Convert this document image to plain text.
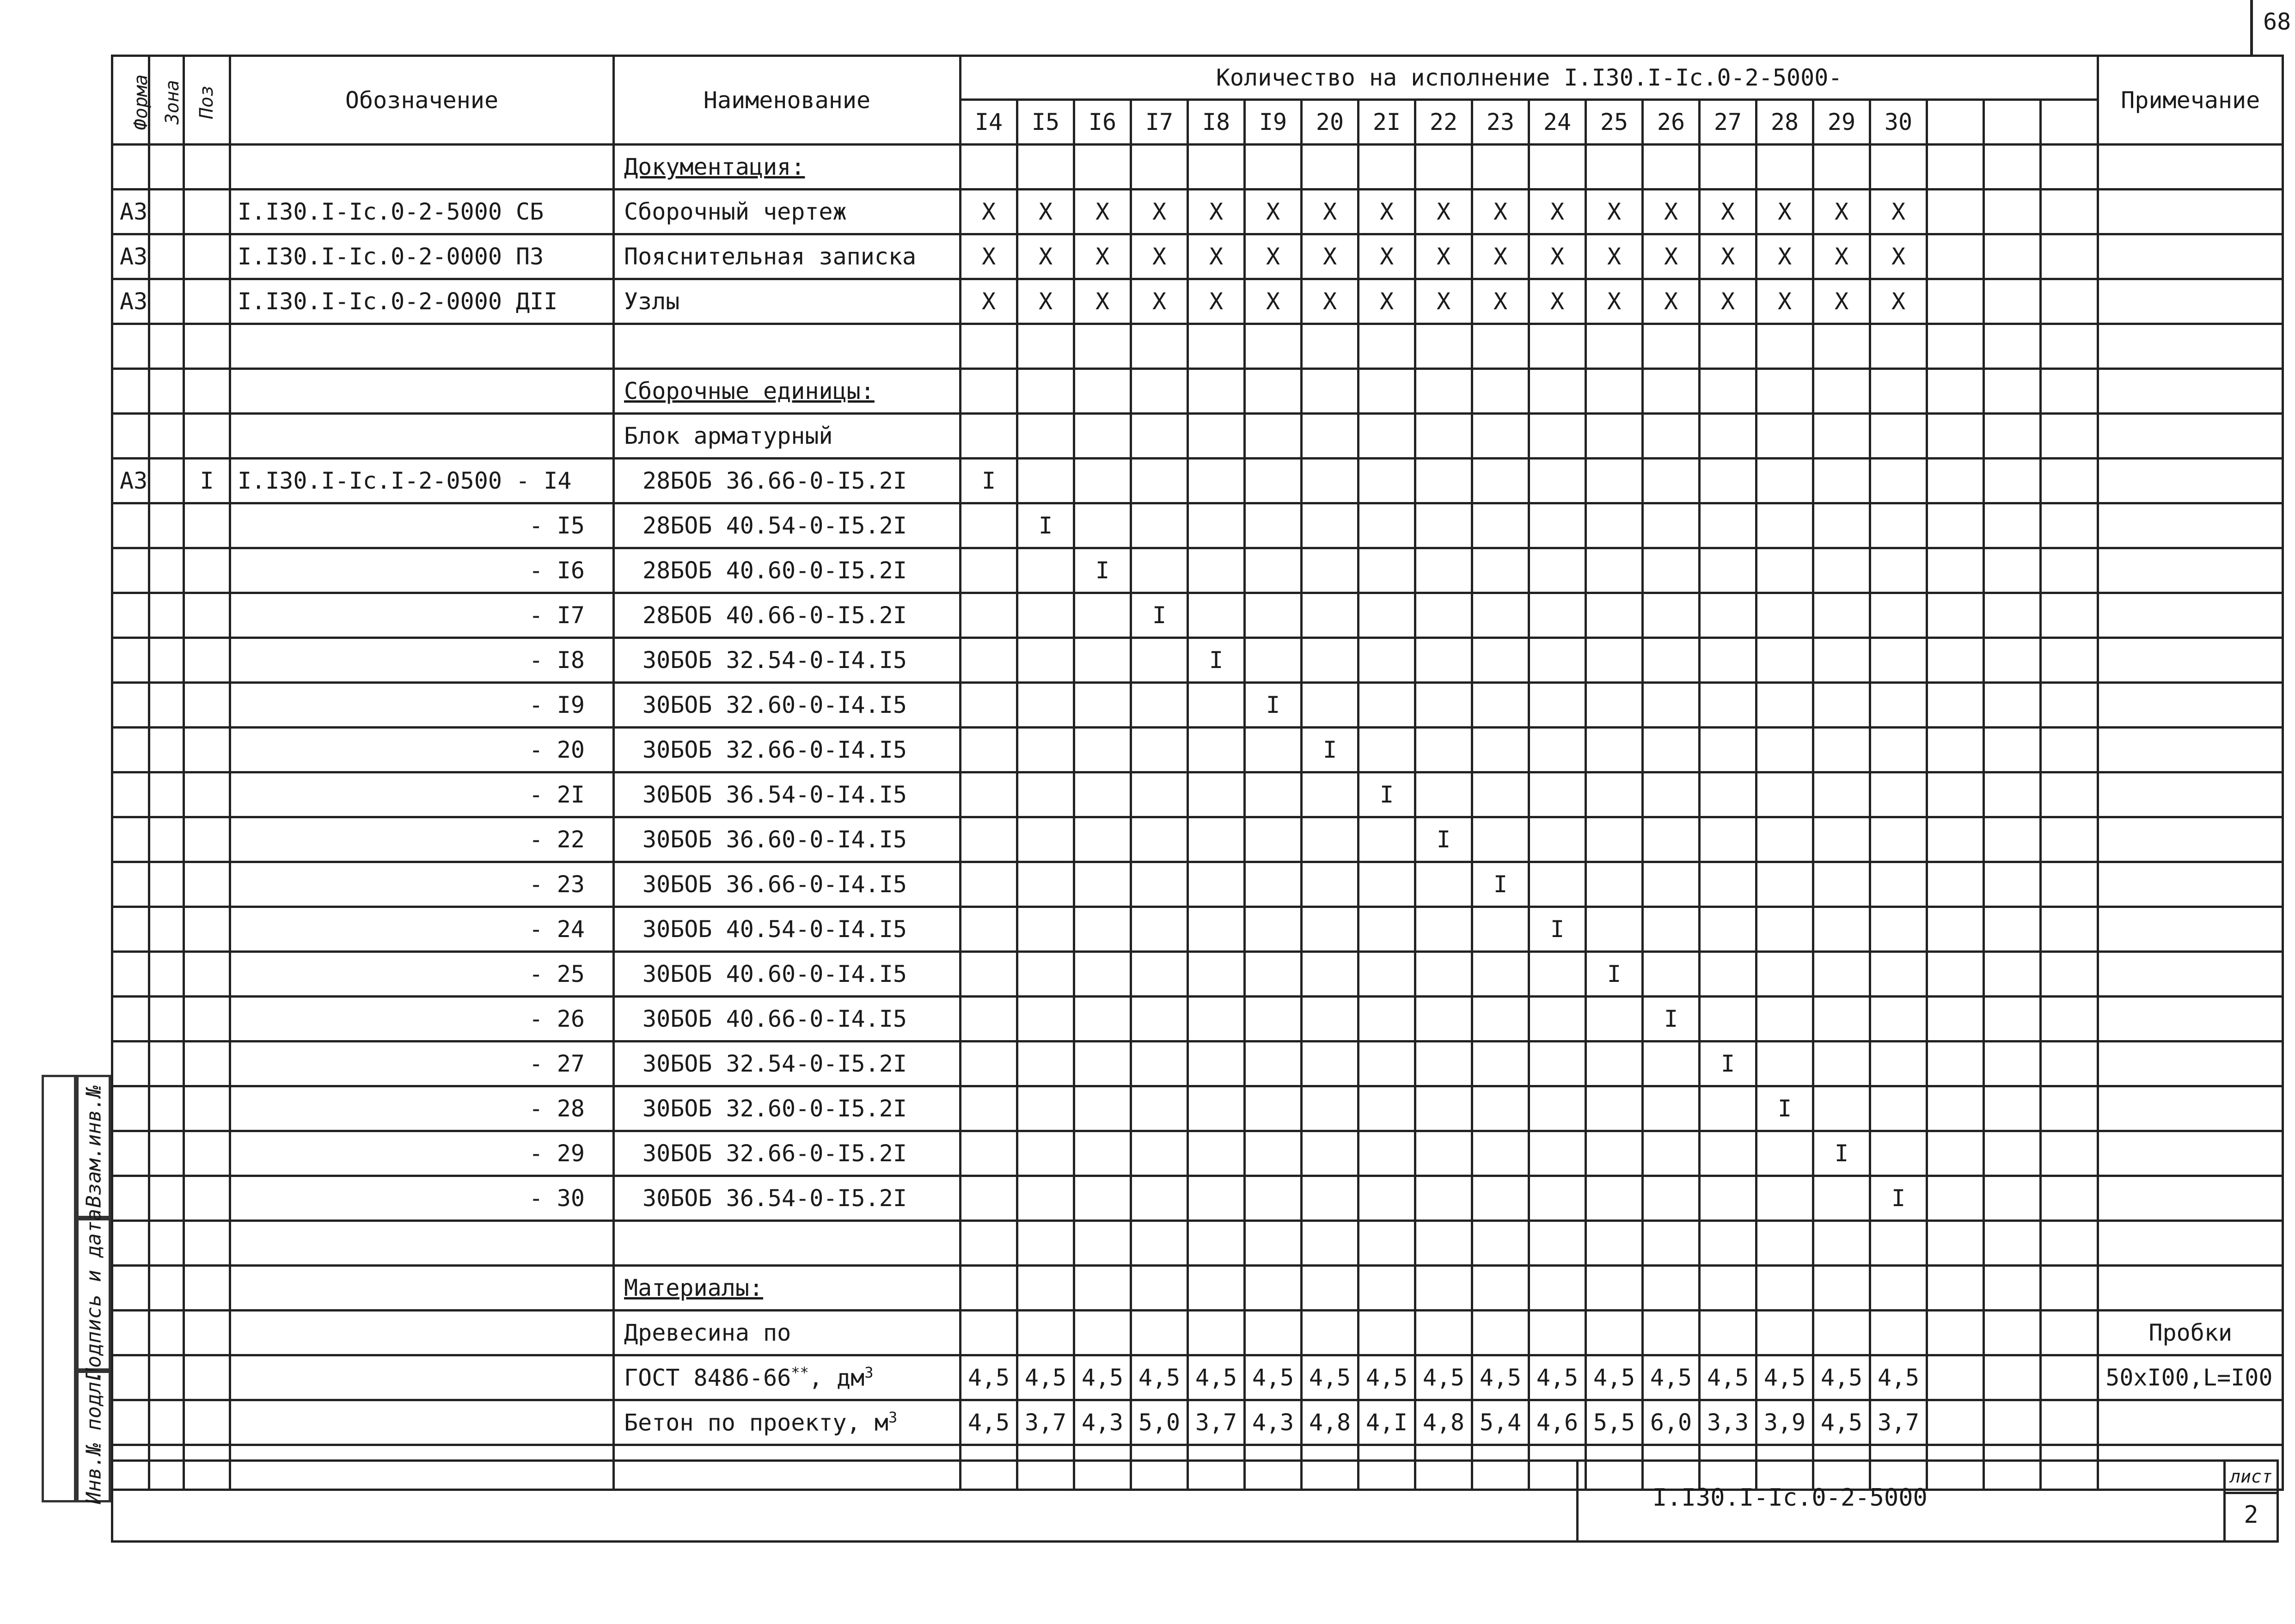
68
Взам.инв.№
Подпись и дата
Инв.№ подл.
Форма	Зона	Поз	Обозначение	Наименование	Количество на исполнение I.I30.I-Ic.0-2-5000-																				Примечание
					I4	I5	I6	I7	I8	I9	20	2I	22	23	24	25	26	27	28	29	30				
				Документация:																					
А3			I.I30.I-Ic.0-2-5000 СБ	Сборочный чертеж	Х	Х	Х	Х	Х	Х	Х	Х	Х	Х	Х	Х	Х	Х	Х	Х	Х				
А3			I.I30.I-Ic.0-2-0000 ПЗ	Пояснительная записка	Х	Х	Х	Х	Х	Х	Х	Х	Х	Х	Х	Х	Х	Х	Х	Х	Х				
А3			I.I30.I-Ic.0-2-0000 ДII	Узлы	Х	Х	Х	Х	Х	Х	Х	Х	Х	Х	Х	Х	Х	Х	Х	Х	Х				

				Сборочные единицы:																					
				Блок арматурный																					
А3		I	I.I30.I-Ic.I-2-0500 - I4	28БОБ 36.66-0-I5.2I	I																				
			- I5	28БОБ 40.54-0-I5.2I		I																			
			- I6	28БОБ 40.60-0-I5.2I			I																		
			- I7	28БОБ 40.66-0-I5.2I				I																	
			- I8	30БОБ 32.54-0-I4.I5					I																
			- I9	30БОБ 32.60-0-I4.I5						I															
			- 20	30БОБ 32.66-0-I4.I5							I														
			- 2I	30БОБ 36.54-0-I4.I5								I													
			- 22	30БОБ 36.60-0-I4.I5									I												
			- 23	30БОБ 36.66-0-I4.I5										I											
			- 24	30БОБ 40.54-0-I4.I5											I										
			- 25	30БОБ 40.60-0-I4.I5												I									
			- 26	30БОБ 40.66-0-I4.I5													I								
			- 27	30БОБ 32.54-0-I5.2I														I							
			- 28	30БОБ 32.60-0-I5.2I															I						
			- 29	30БОБ 32.66-0-I5.2I																I					
			- 30	30БОБ 36.54-0-I5.2I																	I				

				Материалы:																					
				Древесина по																					Пробки
				ГОСТ 8486-66**, $дм^3$	4,5	4,5	4,5	4,5	4,5	4,5	4,5	4,5	4,5	4,5	4,5	4,5	4,5	4,5	4,5	4,5	4,5				50хI00,L=I00
				Бетон по проекту, $м^3$	4,5	3,7	4,3	5,0	3,7	4,3	4,8	4,I	4,8	5,4	4,6	5,5	6,0	3,3	3,9	4,5	3,7				

I.I30.I-Ic.0-2-5000
лист
2
